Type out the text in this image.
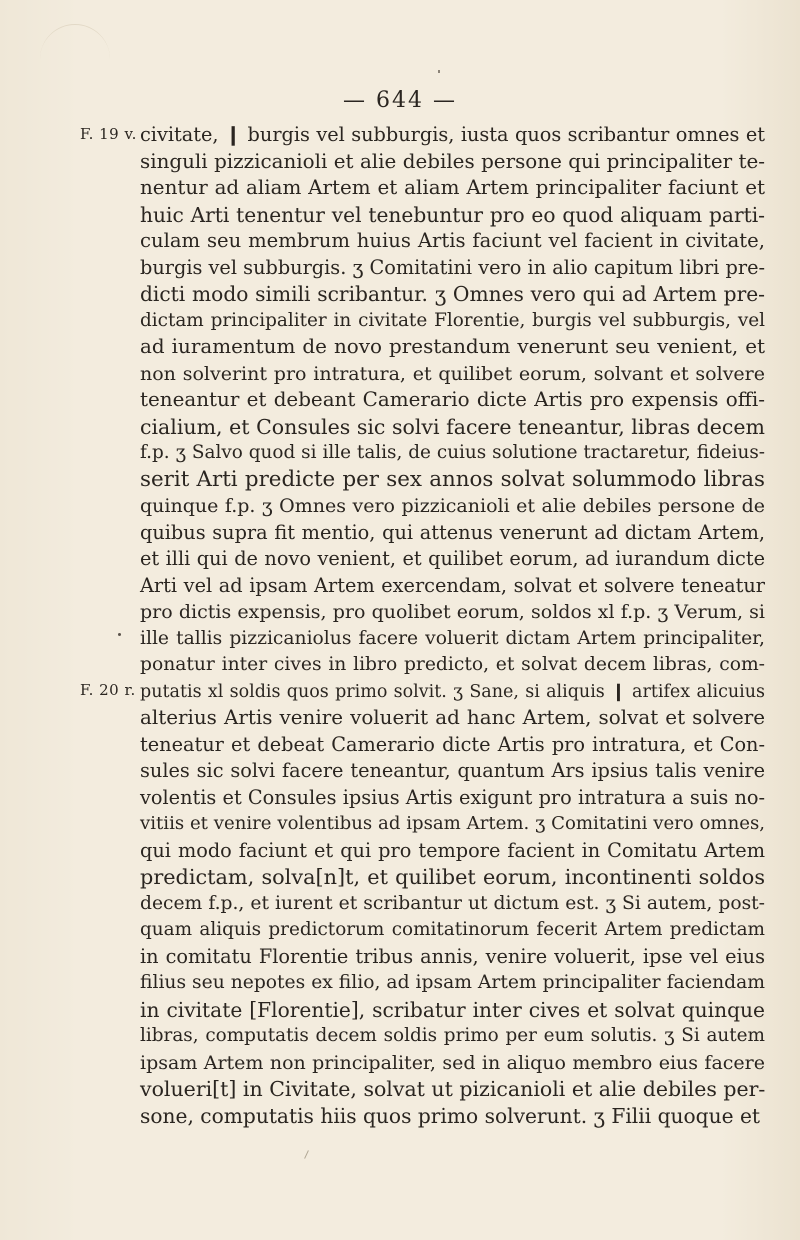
— 644 —
F. 19 v.
F. 20 r.
civitate, ❙ burgis vel subburgis, iusta quos scribantur omnes et
singuli pizzicanioli et alie debiles persone qui principaliter te-
nentur ad aliam Artem et aliam Artem principaliter faciunt et
huic Arti tenentur vel tenebuntur pro eo quod aliquam parti-
culam seu membrum huius Artis faciunt vel facient in civitate,
burgis vel subburgis. ʒ Comitatini vero in alio capitum libri pre-
dicti modo simili scribantur. ʒ Omnes vero qui ad Artem pre-
dictam principaliter in civitate Florentie, burgis vel subburgis, vel
ad iuramentum de novo prestandum venerunt seu venient, et
non solverint pro intratura, et quilibet eorum, solvant et solvere
teneantur et debeant Camerario dicte Artis pro expensis offi-
cialium, et Consules sic solvi facere teneantur, libras decem
f.p. ʒ Salvo quod si ille talis, de cuius solutione tractaretur, fideius-
serit Arti predicte per sex annos solvat solummodo libras
quinque f.p. ʒ Omnes vero pizzicanioli et alie debiles persone de
quibus supra fit mentio, qui attenus venerunt ad dictam Artem,
et illi qui de novo venient, et quilibet eorum, ad iurandum dicte
Arti vel ad ipsam Artem exercendam, solvat et solvere teneatur
pro dictis expensis, pro quolibet eorum, soldos xl f.p. ʒ Verum, si
ille tallis pizzicaniolus facere voluerit dictam Artem principaliter,
ponatur inter cives in libro predicto, et solvat decem libras, com-
putatis xl soldis quos primo solvit. ʒ Sane, si aliquis ❙ artifex alicuius
alterius Artis venire voluerit ad hanc Artem, solvat et solvere
teneatur et debeat Camerario dicte Artis pro intratura, et Con-
sules sic solvi facere teneantur, quantum Ars ipsius talis venire
volentis et Consules ipsius Artis exigunt pro intratura a suis no-
vitiis et venire volentibus ad ipsam Artem. ʒ Comitatini vero omnes,
qui modo faciunt et qui pro tempore facient in Comitatu Artem
predictam, solva[n]t, et quilibet eorum, incontinenti soldos
decem f.p., et iurent et scribantur ut dictum est. ʒ Si autem, post-
quam aliquis predictorum comitatinorum fecerit Artem predictam
in comitatu Florentie tribus annis, venire voluerit, ipse vel eius
filius seu nepotes ex filio, ad ipsam Artem principaliter faciendam
in civitate [Florentie], scribatur inter cives et solvat quinque
libras, computatis decem soldis primo per eum solutis. ʒ Si autem
ipsam Artem non principaliter, sed in aliquo membro eius facere
volueri[t] in Civitate, solvat ut pizicanioli et alie debiles per-
sone, computatis hiis quos primo solverunt. ʒ Filii quoque et
